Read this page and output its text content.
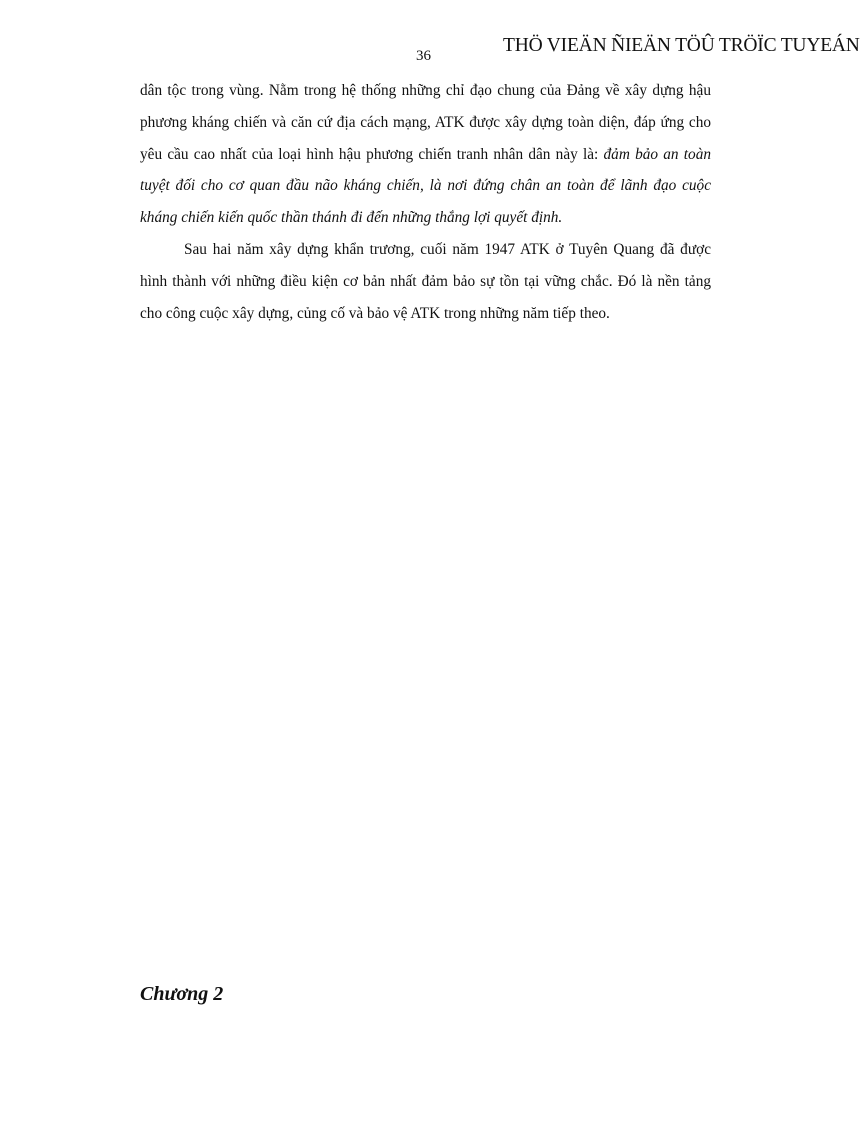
36	THÖ VIEÄN ÑIEÄN TÖÛ TRÖÏC TUYEÁN

dân tộc trong vùng. Nằm trong hệ thống những chỉ đạo chung của Đảng về xây dựng hậu phương kháng chiến và căn cứ địa cách mạng, ATK được xây dựng toàn diện, đáp ứng cho yêu cầu cao nhất của loại hình hậu phương chiến tranh nhân dân này là: đảm bảo an toàn tuyệt đối cho cơ quan đầu não kháng chiến, là nơi đứng chân an toàn để lãnh đạo cuộc kháng chiến kiến quốc thần thánh đi đến những thắng lợi quyết định.

Sau hai năm xây dựng khẩn trương, cuối năm 1947 ATK ở Tuyên Quang đã được hình thành với những điều kiện cơ bản nhất đảm bảo sự tồn tại vững chắc. Đó là nền tảng cho công cuộc xây dựng, củng cố và bảo vệ ATK trong những năm tiếp theo.

Chương 2
